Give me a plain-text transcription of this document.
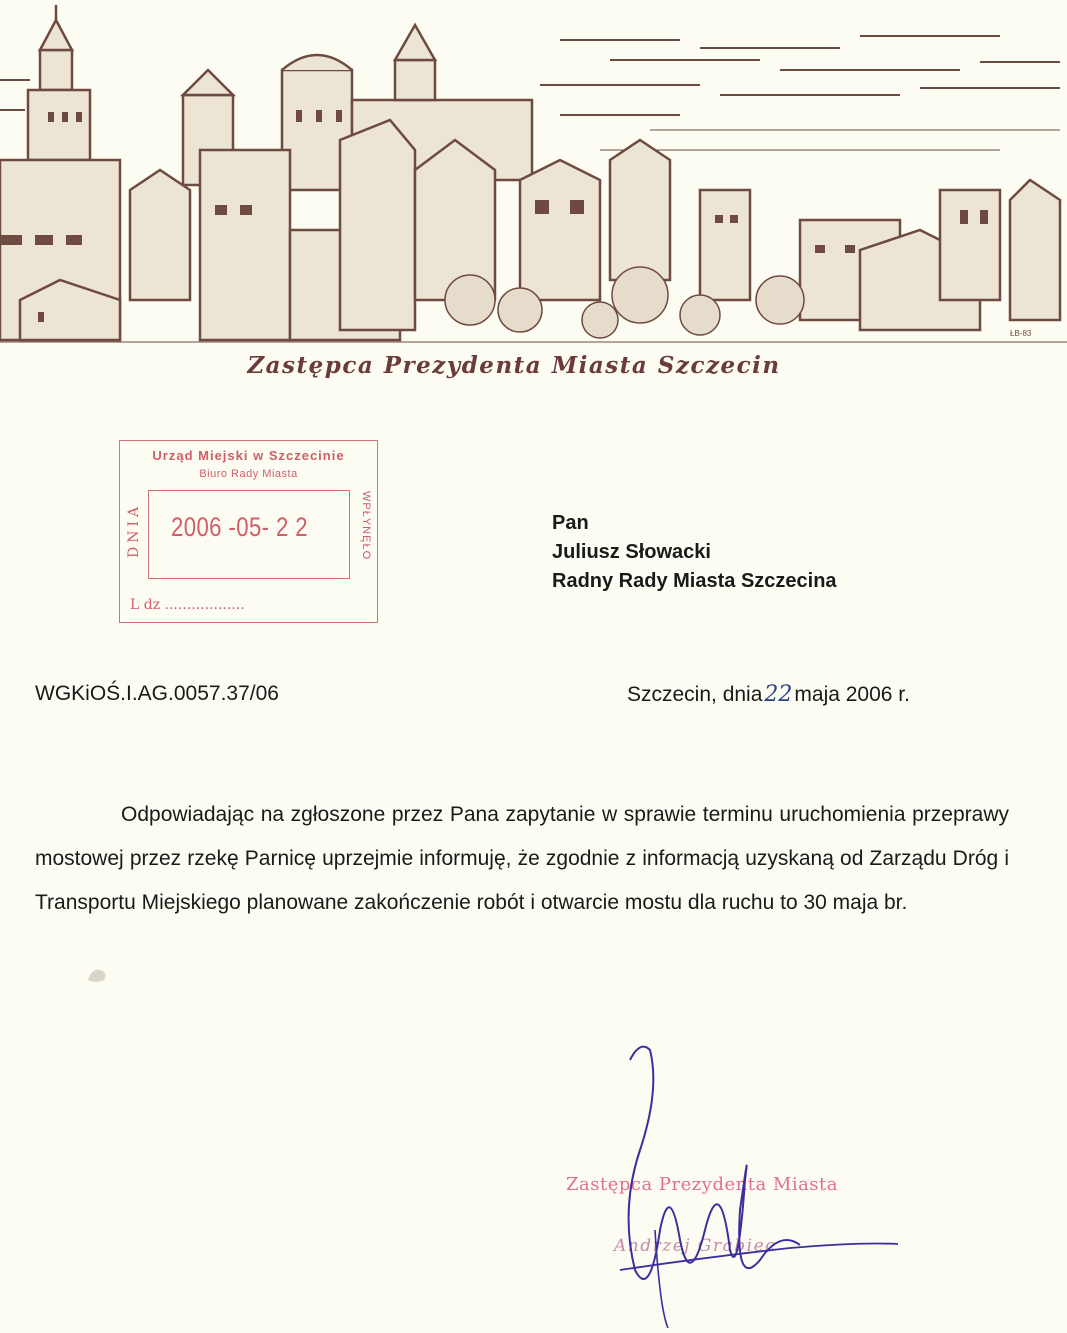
ŁB-83
Zastępca Prezydenta Miasta Szczecin
Urząd Miejski w Szczecinie
Biuro Rady Miasta
DNIA 2006 -05- 2 2	WPŁYNĘŁO
L dz ..................
Pan
Juliusz Słowacki
Radny Rady Miasta Szczecina
WGKiOŚ.I.AG.0057.37/06	Szczecin, dnia22maja 2006 r.

Odpowiadając na zgłoszone przez Pana zapytanie w sprawie terminu uruchomienia przeprawy mostowej przez rzekę Parnicę uprzejmie informuję, że zgodnie z informacją uzyskaną od Zarządu Dróg i Transportu Miejskiego planowane zakończenie robót i otwarcie mostu dla ruchu to 30 maja br.

Zastępca Prezydenta Miasta
Andrzej Grabiec
